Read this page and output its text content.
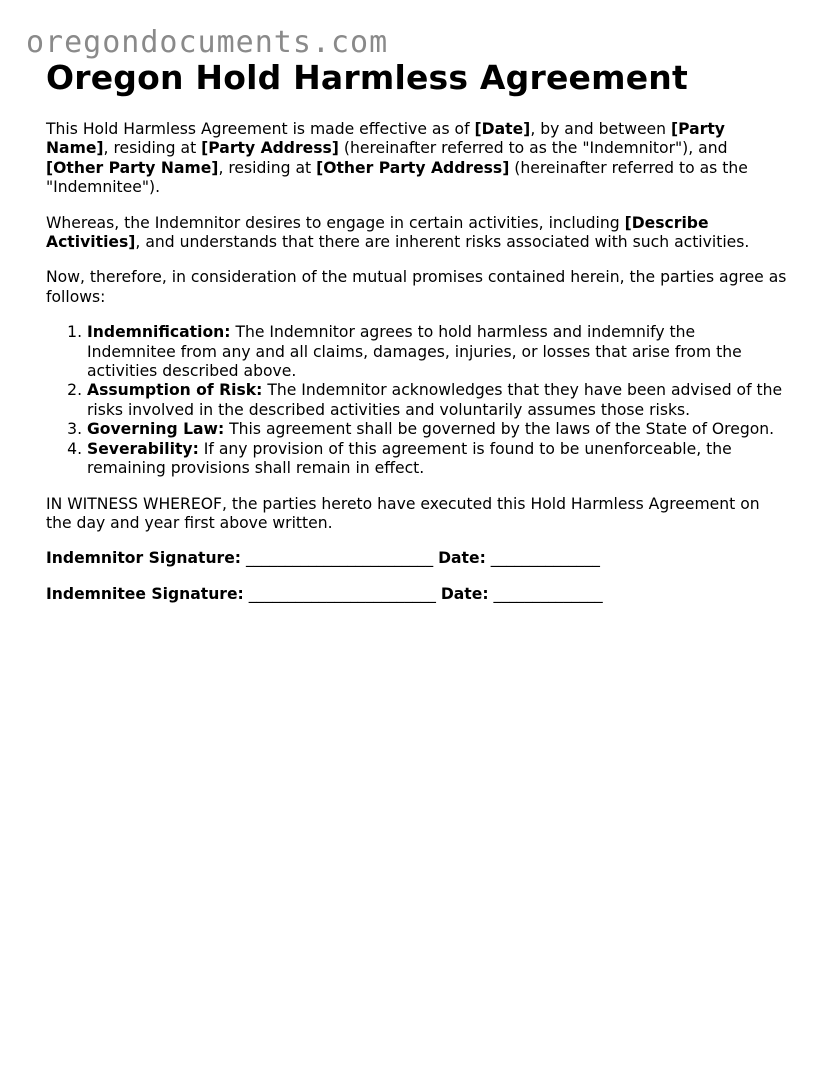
oregondocuments.com
Oregon Hold Harmless Agreement

This Hold Harmless Agreement is made effective as of [Date], by and between [Party Name], residing at [Party Address] (hereinafter referred to as the "Indemnitor"), and [Other Party Name], residing at [Other Party Address] (hereinafter referred to as the "Indemnitee").

Whereas, the Indemnitor desires to engage in certain activities, including [Describe Activities], and understands that there are inherent risks associated with such activities.

Now, therefore, in consideration of the mutual promises contained herein, the parties agree as follows:

1. Indemnification: The Indemnitor agrees to hold harmless and indemnify the Indemnitee from any and all claims, damages, injuries, or losses that arise from the activities described above.
2. Assumption of Risk: The Indemnitor acknowledges that they have been advised of the risks involved in the described activities and voluntarily assumes those risks.
3. Governing Law: This agreement shall be governed by the laws of the State of Oregon.
4. Severability: If any provision of this agreement is found to be unenforceable, the remaining provisions shall remain in effect.

IN WITNESS WHEREOF, the parties hereto have executed this Hold Harmless Agreement on the day and year first above written.

Indemnitor Signature: ________________________ Date: ______________
Indemnitee Signature: ________________________ Date: ______________
